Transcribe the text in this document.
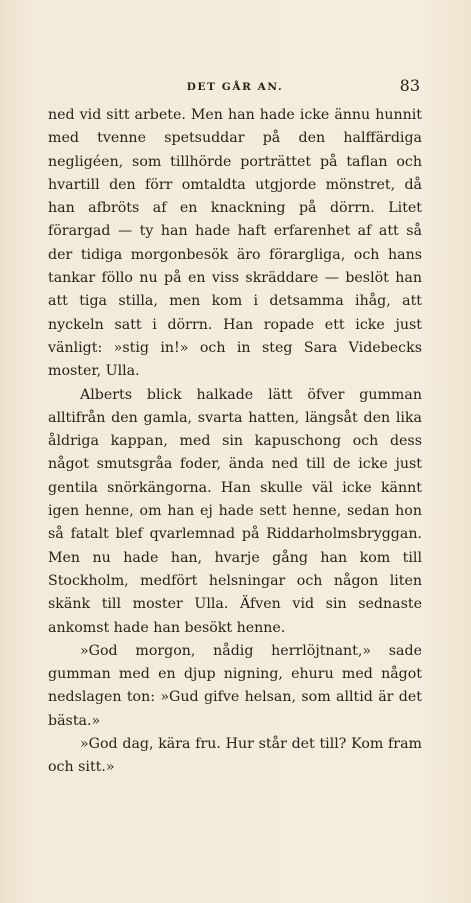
DET GÅR AN.	83

ned vid sitt arbete. Men han hade icke ännu hunnit med tvenne spetsuddar på den halffärdiga negligéen, som tillhörde porträttet på taflan och hvartill den förr omtaldta utgjorde mönstret, då han afbröts af en knackning på dörrn. Litet förargad — ty han hade haft erfarenhet af att så der tidiga morgonbesök äro förargliga, och hans tankar föllo nu på en viss skräddare — beslöt han att tiga stilla, men kom i detsamma ihåg, att nyckeln satt i dörrn. Han ropade ett icke just vänligt: »stig in!» och in steg Sara Videbecks moster, Ulla.

Alberts blick halkade lätt öfver gumman alltifrån den gamla, svarta hatten, längsåt den lika åldriga kappan, med sin kapuschong och dess något smutsgråa foder, ända ned till de icke just gentila snörkängorna. Han skulle väl icke kännt igen henne, om han ej hade sett henne, sedan hon så fatalt blef qvarlemnad på Riddarholmsbryggan. Men nu hade han, hvarje gång han kom till Stockholm, medfört helsningar och någon liten skänk till moster Ulla. Äfven vid sin sednaste ankomst hade han besökt henne.

»God morgon, nådig herrlöjtnant,» sade gumman med en djup nigning, ehuru med något nedslagen ton: »Gud gifve helsan, som alltid är det bästa.»

»God dag, kära fru. Hur står det till? Kom fram och sitt.»
